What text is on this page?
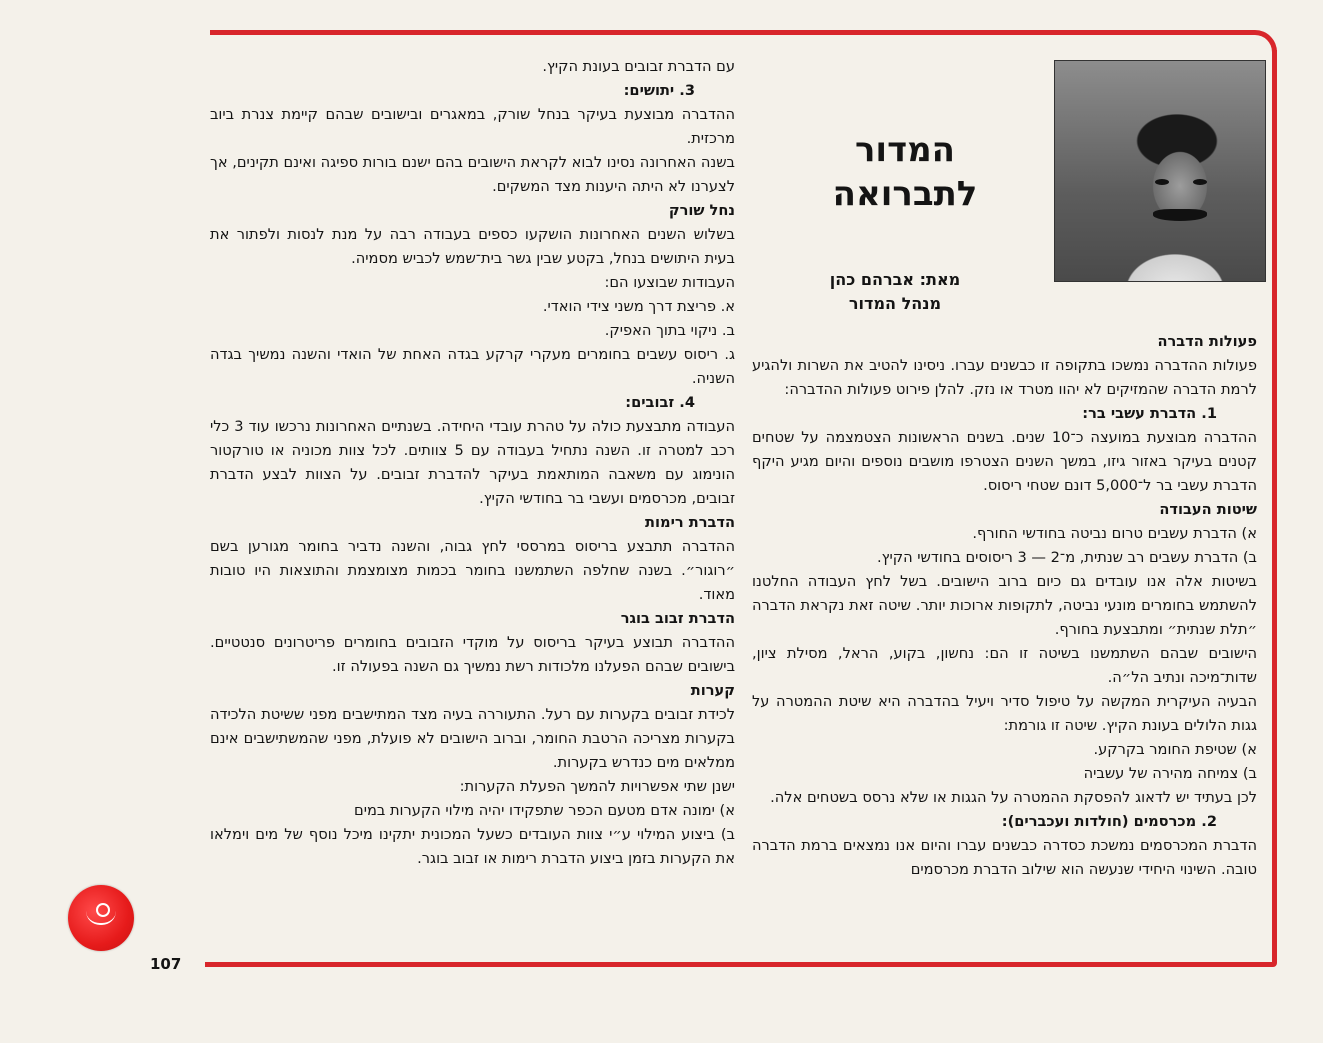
107
המדור
לתברואה
מאת: אברהם כהן
מנהל המדור

פעולות הדברה

פעולות ההדברה נמשכו בתקופה זו כבשנים עברו. ניסינו להטיב את השרות ולהגיע לרמת הדברה שהמזיקים לא יהוו מטרד או נזק. להלן פירוט פעולות ההדברה:

1. הדברת עשבי בר:

ההדברה מבוצעת במועצה כ־10 שנים. בשנים הראשונות הצטמצמה על שטחים קטנים בעיקר באזור גיזו, במשך השנים הצטרפו מושבים נוספים והיום מגיע היקף הדברת עשבי בר ל־5,000 דונם שטחי ריסוס.

שיטות העבודה

א) הדברת עשבים טרום נביטה בחודשי החורף.

ב) הדברת עשבים רב שנתית, מ־2 — 3 ריסוסים בחודשי הקיץ.

בשיטות אלה אנו עובדים גם כיום ברוב הישובים. בשל לחץ העבודה החלטנו להשתמש בחומרים מונעי נביטה, לתקופות ארוכות יותר. שיטה זאת נקראת הדברה ״תלת שנתית״ ומתבצעת בחורף.

הישובים שבהם השתמשנו בשיטה זו הם: נחשון, בקוע, הראל, מסילת ציון, שדות־מיכה ונתיב הל״ה.

הבעיה העיקרית המקשה על טיפול סדיר ויעיל בהדברה היא שיטת ההמטרה על גגות הלולים בעונת הקיץ. שיטה זו גורמת:

א) שטיפת החומר בקרקע.

ב) צמיחה מהירה של עשביה

לכן בעתיד יש לדאוג להפסקת ההמטרה על הגגות או שלא נרסס בשטחים אלה.

2. מכרסמים (חולדות ועכברים):

הדברת המכרסמים נמשכת כסדרה כבשנים עברו והיום אנו נמצאים ברמת הדברה טובה. השינוי היחידי שנעשה הוא שילוב הדברת מכרסמים

עם הדברת זבובים בעונת הקיץ.

3. יתושים:

ההדברה מבוצעת בעיקר בנחל שורק, במאגרים ובישובים שבהם קיימת צנרת ביוב מרכזית.

בשנה האחרונה נסינו לבוא לקראת הישובים בהם ישנם בורות ספיגה ואינם תקינים, אך לצערנו לא היתה היענות מצד המשקים.

נחל שורק

בשלוש השנים האחרונות הושקעו כספים בעבודה רבה על מנת לנסות ולפתור את בעית היתושים בנחל, בקטע שבין גשר בית־שמש לכביש מסמיה.

העבודות שבוצעו הם:

א. פריצת דרך משני צידי הואדי.

ב. ניקוי בתוך האפיק.

ג. ריסוס עשבים בחומרים מעקרי קרקע בגדה האחת של הואדי והשנה נמשיך בגדה השניה.

4. זבובים:

העבודה מתבצעת כולה על טהרת עובדי היחידה. בשנתיים האחרונות נרכשו עוד 3 כלי רכב למטרה זו. השנה נתחיל בעבודה עם 5 צוותים. לכל צוות מכוניה או טורקטור הונימוג עם משאבה המותאמת בעיקר להדברת זבובים. על הצוות לבצע הדברת זבובים, מכרסמים ועשבי בר בחודשי הקיץ.

הדברת רימות

ההדברה תתבצע בריסוס במרססי לחץ גבוה, והשנה נדביר בחומר מגורען בשם ״רוגור״. בשנה שחלפה השתמשנו בחומר בכמות מצומצמת והתוצאות היו טובות מאוד.

הדברת זבוב בוגר

ההדברה תבוצע בעיקר בריסוס על מוקדי הזבובים בחומרים פריטרונים סנטטיים. בישובים שבהם הפעלנו מלכודות רשת נמשיך גם השנה בפעולה זו.

קערות

לכידת זבובים בקערות עם רעל. התעוררה בעיה מצד המתישבים מפני ששיטת הלכידה בקערות מצריכה הרטבת החומר, וברוב הישובים לא פועלת, מפני שהמשתישבים אינם ממלאים מים כנדרש בקערות.

ישנן שתי אפשרויות להמשך הפעלת הקערות:

א) ימונה אדם מטעם הכפר שתפקידו יהיה מילוי הקערות במים

ב) ביצוע המילוי ע״י צוות העובדים כשעל המכונית יתקינו מיכל נוסף של מים וימלאו את הקערות בזמן ביצוע הדברת רימות או זבוב בוגר.
